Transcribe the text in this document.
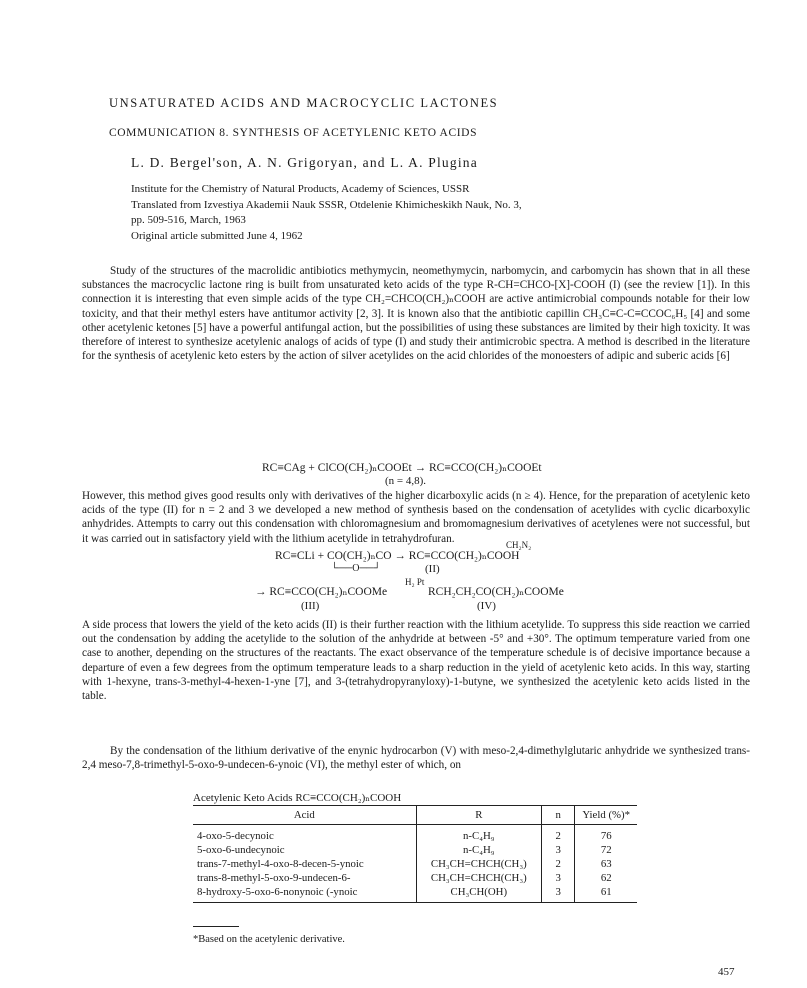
UNSATURATED ACIDS AND MACROCYCLIC LACTONES
COMMUNICATION 8. SYNTHESIS OF ACETYLENIC KETO ACIDS
L. D. Bergel'son, A. N. Grigoryan, and L. A. Plugina
Institute for the Chemistry of Natural Products, Academy of Sciences, USSR
Translated from Izvestiya Akademii Nauk SSSR, Otdelenie Khimicheskikh Nauk, No. 3,
pp. 509-516, March, 1963
Original article submitted June 4, 1962

Study of the structures of the macrolidic antibiotics methymycin, neomethymycin, narbomycin, and carbomycin has shown that in all these substances the macrocyclic lactone ring is built from unsaturated keto acids of the type R-CH=CHCO-[X]-COOH (I) (see the review [1]). In this connection it is interesting that even simple acids of the type CH₂=CHCO(CH₂)ₙCOOH are active antimicrobial compounds notable for their low toxicity, and that their methyl esters have antitumor activity [2, 3]. It is known also that the antibiotic capillin CH₃C≡C-C≡CCOC₆H₅ [4] and some other acetylenic ketones [5] have a powerful antifungal action, but the possibilities of using these substances are limited by their high toxicity. It was therefore of interest to synthesize acetylenic analogs of acids of type (I) and study their antimicrobic spectra. A method is described in the literature for the synthesis of acetylenic keto esters by the action of silver acetylides on the acid chlorides of the monoesters of adipic and suberic acids [6]

RC≡CAg + ClCO(CH₂)ₙCOOEt → RC≡CCO(CH₂)ₙCOOEt
(n = 4,8).

However, this method gives good results only with derivatives of the higher dicarboxylic acids (n ≥ 4). Hence, for the preparation of acetylenic keto acids of the type (II) for n = 2 and 3 we developed a new method of synthesis based on the condensation of acetylides with cyclic dicarboxylic anhydrides. Attempts to carry out this condensation with chloromagnesium and bromomagnesium derivatives of acetylenes were not successful, but it was carried out in satisfactory yield with the lithium acetylide in tetrahydrofuran.

RC≡CLi + CO(CH₂)ₙCO → RC≡CCO(CH₂)ₙCOOH
CH₂N₂
└──O──┘	(II)
→ RC≡CCO(CH₂)ₙCOOMe
H₂ Pt
RCH₂CH₂CO(CH₂)ₙCOOMe
(III)	(IV)

A side process that lowers the yield of the keto acids (II) is their further reaction with the lithium acetylide. To suppress this side reaction we carried out the condensation by adding the acetylide to the solution of the anhydride at between -5° and +30°. The optimum temperature varied from one case to another, depending on the structures of the reactants. The exact observance of the temperature schedule is of decisive importance because a departure of even a few degrees from the optimum temperature leads to a sharp reduction in the yield of acetylenic keto acids. In this way, starting with 1-hexyne, trans-3-methyl-4-hexen-1-yne [7], and 3-(tetrahydropyranyloxy)-1-butyne, we synthesized the acetylenic keto acids listed in the table.

By the condensation of the lithium derivative of the enynic hydrocarbon (V) with meso-2,4-dimethylglutaric anhydride we synthesized trans-2,4 meso-7,8-trimethyl-5-oxo-9-undecen-6-ynoic (VI), the methyl ester of which, on

Acetylenic Keto Acids RC≡CCO(CH₂)ₙCOOH
Acid	R	n	Yield (%)*
4-oxo-5-decynoic	n-C₄H₉	2	76
5-oxo-6-undecynoic	n-C₄H₉	3	72
trans-7-methyl-4-oxo-8-decen-5-ynoic	CH₃CH=CHCH(CH₃)	2	63
trans-8-methyl-5-oxo-9-undecen-6-	CH₃CH=CHCH(CH₃)	3	62
8-hydroxy-5-oxo-6-nonynoic (-ynoic	CH₃CH(OH)	3	61
*Based on the acetylenic derivative.
457
